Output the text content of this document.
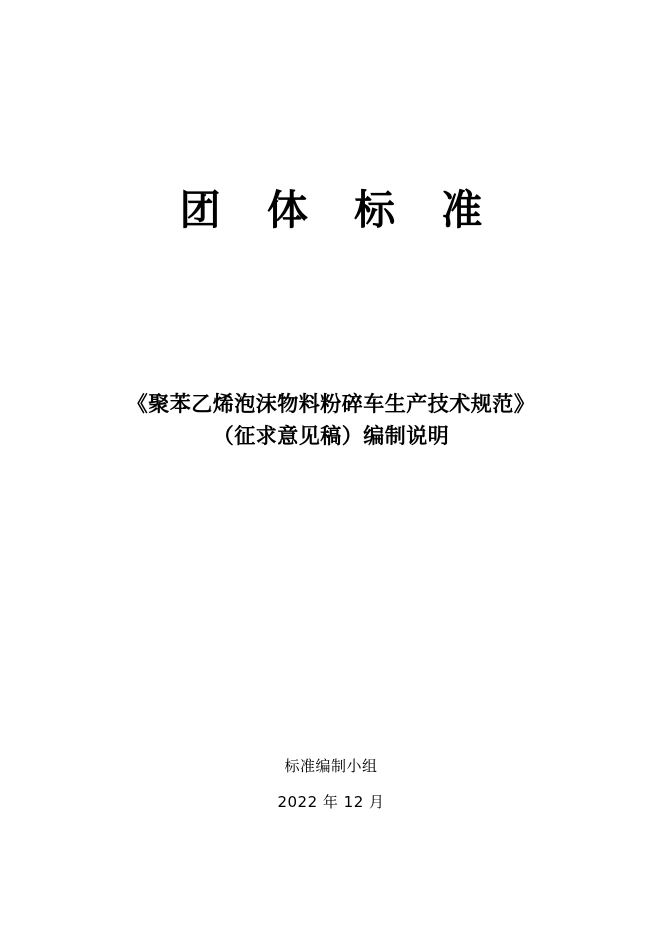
团 体 标 准
《聚苯乙烯泡沫物料粉碎车生产技术规范》
（征求意见稿）编制说明
标准编制小组
2022 年 12 月
